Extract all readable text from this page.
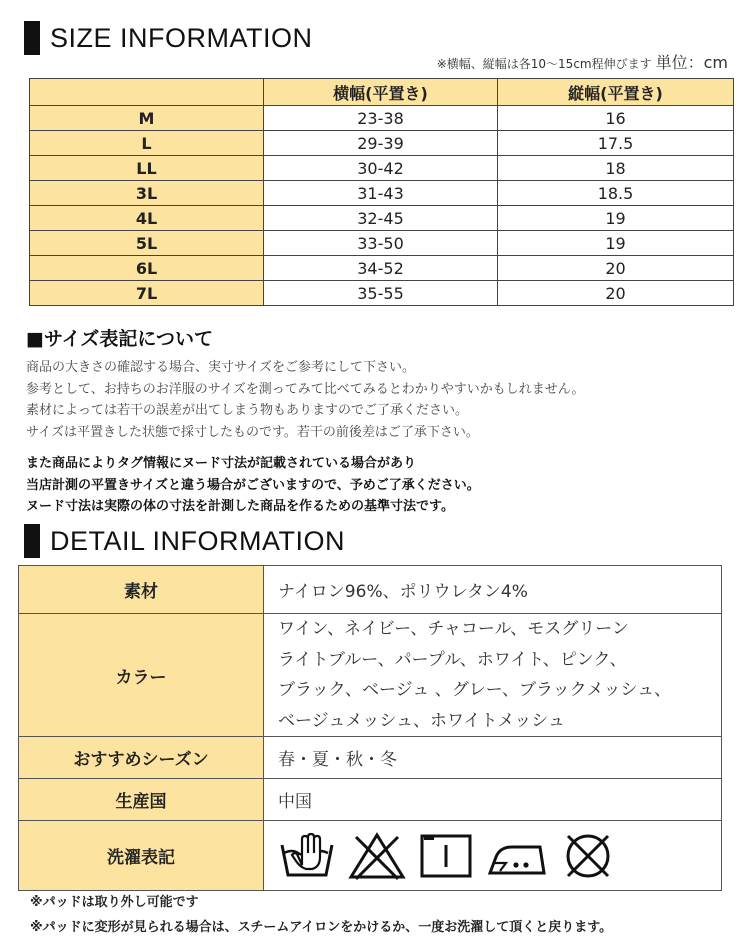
SIZE INFORMATION
※横幅、縦幅は各10〜15cm程伸びます 単位：cm
	横幅(平置き)	縦幅(平置き)
M	23-38	16
L	29-39	17.5
LL	30-42	18
3L	31-43	18.5
4L	32-45	19
5L	33-50	19
6L	34-52	20
7L	35-55	20
■サイズ表記について
商品の大きさの確認する場合、実寸サイズをご参考にして下さい。
参考として、お持ちのお洋服のサイズを測ってみて比べてみるとわかりやすいかもしれません。
素材によっては若干の誤差が出てしまう物もありますのでご了承ください。
サイズは平置きした状態で採寸したものです。若干の前後差はご了承下さい。
また商品によりタグ情報にヌード寸法が記載されている場合があり
当店計測の平置きサイズと違う場合がございますので、予めご了承ください。
ヌード寸法は実際の体の寸法を計測した商品を作るための基準寸法です。
DETAIL INFORMATION
素材	ナイロン96%、ポリウレタン4%
カラー	ワイン、ネイビー、チャコール、モスグリーン
ライトブルー、パープル、ホワイト、ピンク、
ブラック、ベージュ 、グレー、ブラックメッシュ、
ベージュメッシュ、ホワイトメッシュ

おすすめシーズン	春・夏・秋・冬
生産国	中国
洗濯表記	
※パッドは取り外し可能です
※パッドに変形が見られる場合は、スチームアイロンをかけるか、一度お洗濯して頂くと戻ります。
